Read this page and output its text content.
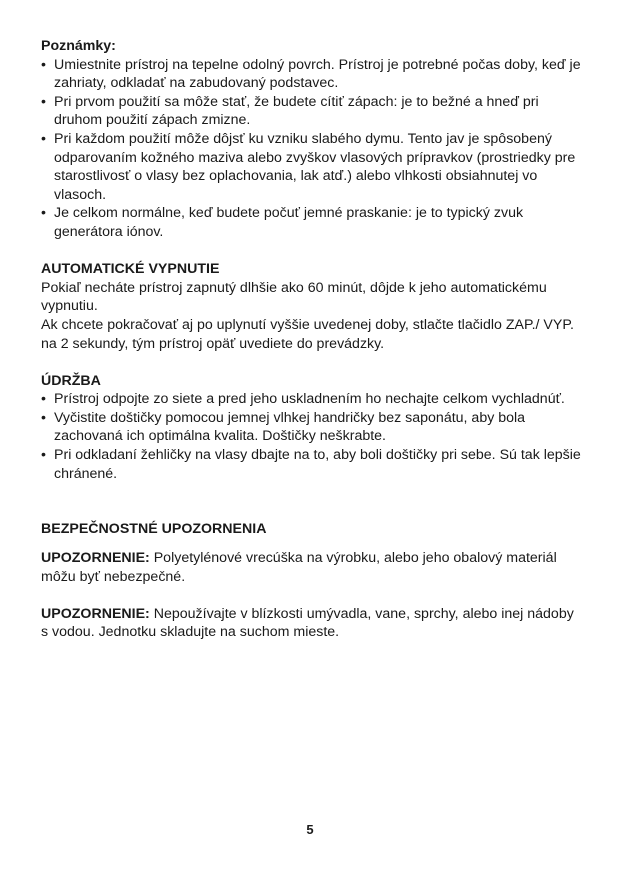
Poznámky:

• Umiestnite prístroj na tepelne odolný povrch. Prístroj je potrebné počas doby, keď je zahriaty, odkladať na zabudovaný podstavec.
• Pri prvom použití sa môže stať, že budete cítiť zápach: je to bežné a hneď pri druhom použití zápach zmizne.
• Pri každom použití môže dôjsť ku vzniku slabého dymu. Tento jav je spôsobený odparovaním kožného maziva alebo zvyškov vlasových prípravkov (prostriedky pre starostlivosť o vlasy bez oplachovania, lak atď.) alebo vlhkosti obsiahnutej vo vlasoch.
• Je celkom normálne, keď budete počuť jemné praskanie: je to typický zvuk generátora iónov.

AUTOMATICKÉ VYPNUTIE

Pokiaľ necháte prístroj zapnutý dlhšie ako 60 minút, dôjde k jeho automatickému vypnutiu.

Ak chcete pokračovať aj po uplynutí vyššie uvedenej doby, stlačte tlačidlo ZAP./ VYP. na 2 sekundy, tým prístroj opäť uvediete do prevádzky.

ÚDRŽBA

• Prístroj odpojte zo siete a pred jeho uskladnením ho nechajte celkom vychladnúť.
• Vyčistite doštičky pomocou jemnej vlhkej handričky bez saponátu, aby bola zachovaná ich optimálna kvalita. Doštičky neškrabte.
• Pri odkladaní žehličky na vlasy dbajte na to, aby boli doštičky pri sebe. Sú tak lepšie chránené.

BEZPEČNOSTNÉ UPOZORNENIA

UPOZORNENIE: Polyetylénové vrecúška na výrobku, alebo jeho obalový materiál môžu byť nebezpečné.

UPOZORNENIE: Nepoužívajte v blízkosti umývadla, vane, sprchy, alebo inej nádoby s vodou. Jednotku skladujte na suchom mieste.

5
